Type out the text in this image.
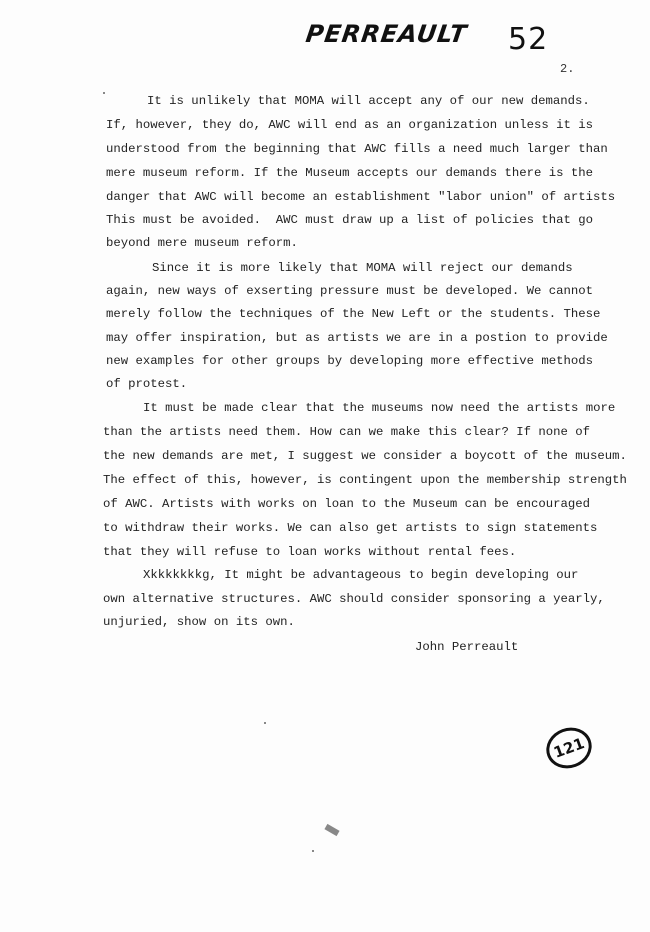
PERREAULT 52
2.
It is unlikely that MOMA will accept any of our new demands.
If, however, they do, AWC will end as an organization unless it is
understood from the beginning that AWC fills a need much larger than
mere museum reform. If the Museum accepts our demands there is the
danger that AWC will become an establishment "labor union" of artists
This must be avoided.  AWC must draw up a list of policies that go
beyond mere museum reform.
Since it is more likely that MOMA will reject our demands
again, new ways of exserting pressure must be developed. We cannot
merely follow the techniques of the New Left or the students. These
may offer inspiration, but as artists we are in a postion to provide
new examples for other groups by developing more effective methods
of protest.
It must be made clear that the museums now need the artists more
than the artists need them. How can we make this clear? If none of
the new demands are met, I suggest we consider a boycott of the museum.
The effect of this, however, is contingent upon the membership strength
of AWC. Artists with works on loan to the Museum can be encouraged
to withdraw their works. We can also get artists to sign statements
that they will refuse to loan works without rental fees.
Xkkkkkkkg, It might be advantageous to begin developing our
own alternative structures. AWC should consider sponsoring a yearly,
unjuried, show on its own.
John Perreault
121
